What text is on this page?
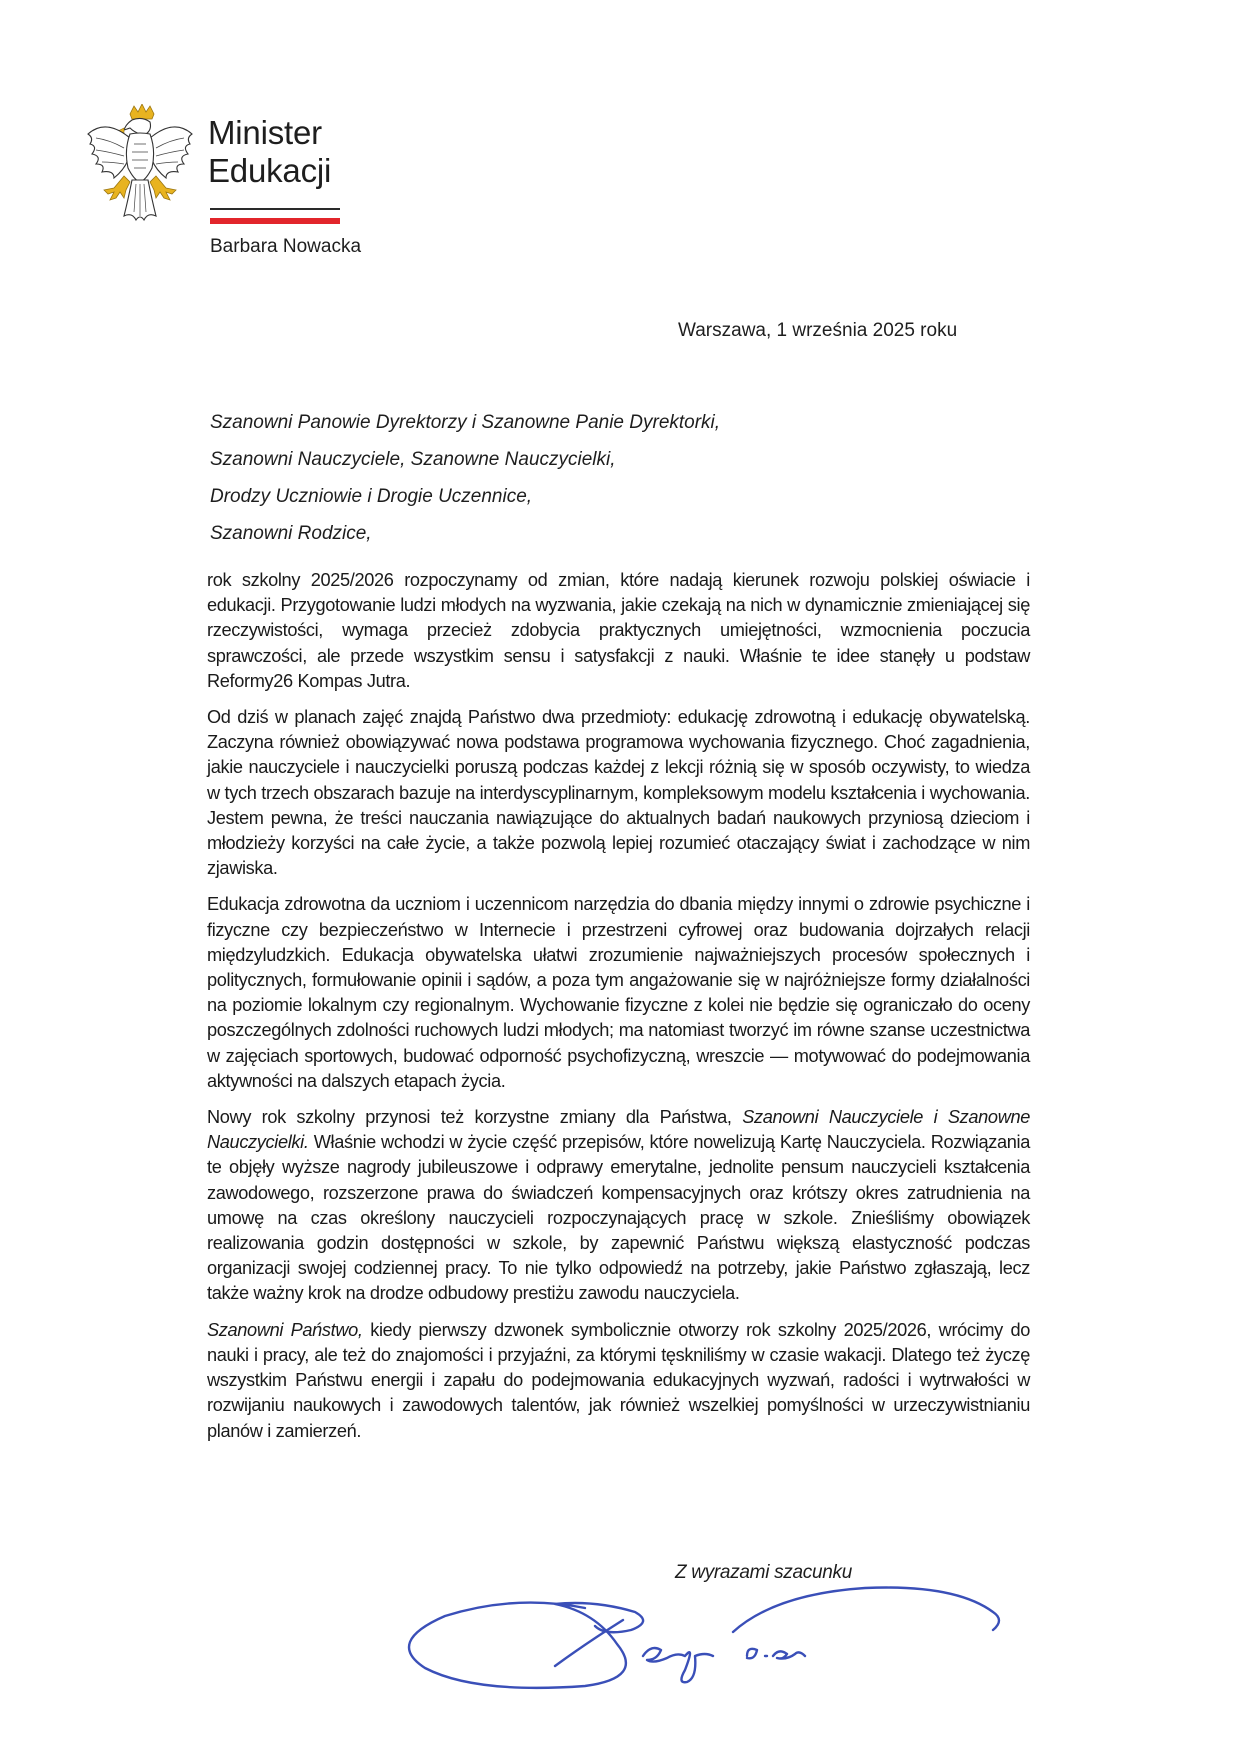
Minister
Edukacji
Barbara Nowacka
Warszawa, 1 września 2025 roku
Szanowni Panowie Dyrektorzy i Szanowne Panie Dyrektorki,
Szanowni Nauczyciele, Szanowne Nauczycielki,
Drodzy Uczniowie i Drogie Uczennice,
Szanowni Rodzice,

rok szkolny 2025/2026 rozpoczynamy od zmian, które nadają kierunek rozwoju polskiej oświacie i edukacji. Przygotowanie ludzi młodych na wyzwania, jakie czekają na nich w dynamicznie zmieniającej się rzeczywistości, wymaga przecież zdobycia praktycznych umiejętności, wzmocnienia poczucia sprawczości, ale przede wszystkim sensu i satysfakcji z nauki. Właśnie te idee stanęły u podstaw Reformy26 Kompas Jutra.

Od dziś w planach zajęć znajdą Państwo dwa przedmioty: edukację zdrowotną i edukację obywatelską. Zaczyna również obowiązywać nowa podstawa programowa wychowania fizycznego. Choć zagadnienia, jakie nauczyciele i nauczycielki poruszą podczas każdej z lekcji różnią się w sposób oczywisty, to wiedza w tych trzech obszarach bazuje na interdyscyplinarnym, kompleksowym modelu kształcenia i wychowania. Jestem pewna, że treści nauczania nawiązujące do aktualnych badań naukowych przyniosą dzieciom i młodzieży korzyści na całe życie, a także pozwolą lepiej rozumieć otaczający świat i zachodzące w nim zjawiska.

Edukacja zdrowotna da uczniom i uczennicom narzędzia do dbania między innymi o zdrowie psychiczne i fizyczne czy bezpieczeństwo w Internecie i przestrzeni cyfrowej oraz budowania dojrzałych relacji międzyludzkich. Edukacja obywatelska ułatwi zrozumienie najważniejszych procesów społecznych i politycznych, formułowanie opinii i sądów, a poza tym angażowanie się w najróżniejsze formy działalności na poziomie lokalnym czy regionalnym. Wychowanie fizyczne z kolei nie będzie się ograniczało do oceny poszczególnych zdolności ruchowych ludzi młodych; ma natomiast tworzyć im równe szanse uczestnictwa w zajęciach sportowych, budować odporność psychofizyczną, wreszcie — motywować do podejmowania aktywności na dalszych etapach życia.

Nowy rok szkolny przynosi też korzystne zmiany dla Państwa, Szanowni Nauczyciele i Szanowne Nauczycielki. Właśnie wchodzi w życie część przepisów, które nowelizują Kartę Nauczyciela. Rozwiązania te objęły wyższe nagrody jubileuszowe i odprawy emerytalne, jednolite pensum nauczycieli kształcenia zawodowego, rozszerzone prawa do świadczeń kompensacyjnych oraz krótszy okres zatrudnienia na umowę na czas określony nauczycieli rozpoczynających pracę w szkole. Znieśliśmy obowiązek realizowania godzin dostępności w szkole, by zapewnić Państwu większą elastyczność podczas organizacji swojej codziennej pracy. To nie tylko odpowiedź na potrzeby, jakie Państwo zgłaszają, lecz także ważny krok na drodze odbudowy prestiżu zawodu nauczyciela.

Szanowni Państwo, kiedy pierwszy dzwonek symbolicznie otworzy rok szkolny 2025/2026, wrócimy do nauki i pracy, ale też do znajomości i przyjaźni, za którymi tęskniliśmy w czasie wakacji. Dlatego też życzę wszystkim Państwu energii i zapału do podejmowania edukacyjnych wyzwań, radości i wytrwałości w rozwijaniu naukowych i zawodowych talentów, jak również wszelkiej pomyślności w urzeczywistnianiu planów i zamierzeń.

Z wyrazami szacunku
